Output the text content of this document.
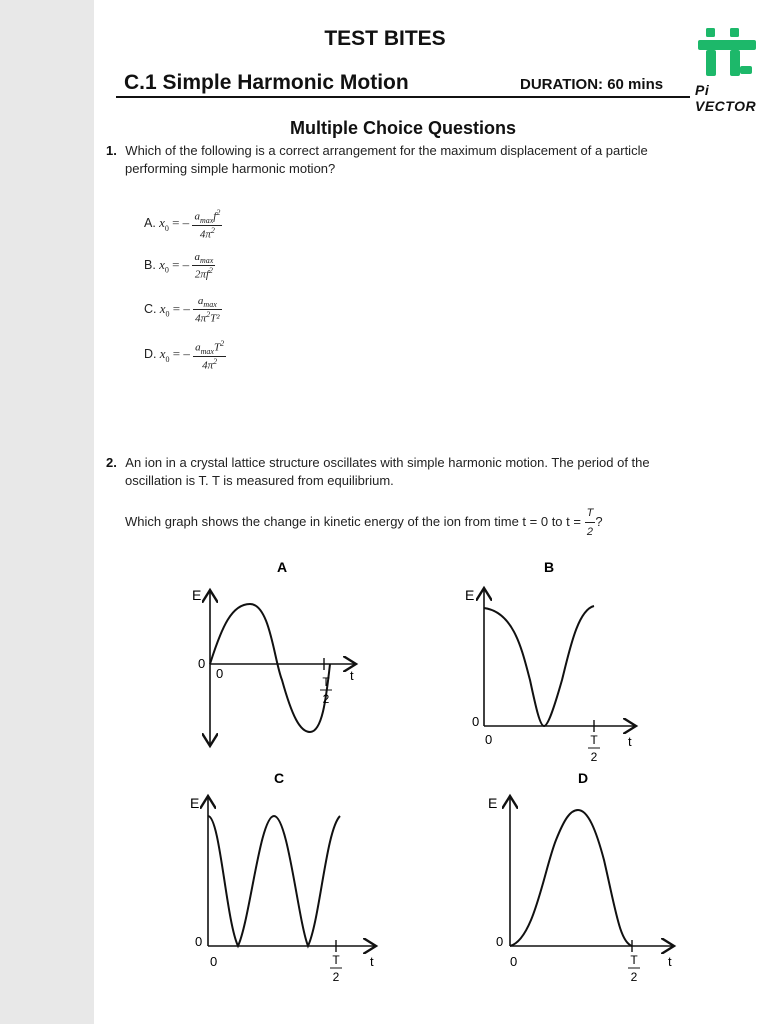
TEST BITES
C.1 Simple Harmonic Motion	DURATION: 60 mins Pi VECTOR
Multiple Choice Questions
1. Which of the following is a correct arrangement for the maximum displacement of a particle
performing simple harmonic motion?
A. $x_0$ = – $\frac{a_{max}f^2}{4\pi^2}$
B. $x_0$ = – $\frac{a_{max}}{2\pi f^2}$
C. $x_0$ = – $\frac{a_{max}}{4\pi^2T^2}$
D. $x_0$ = – $\frac{a_{max}T^2}{4\pi^2}$
2. An ion in a crystal lattice structure oscillates with simple harmonic motion. The period of the
oscillation is T. T is measured from equilibrium.
Which graph shows the change in kinetic energy of the ion from time t = 0 to $t = \frac{T}{2}$ ?
A
E
0
0	t
T
2
B
E
0
0	t
T
2
C
E
0
0	t
T
2
D
E
0
0	t
T
2
